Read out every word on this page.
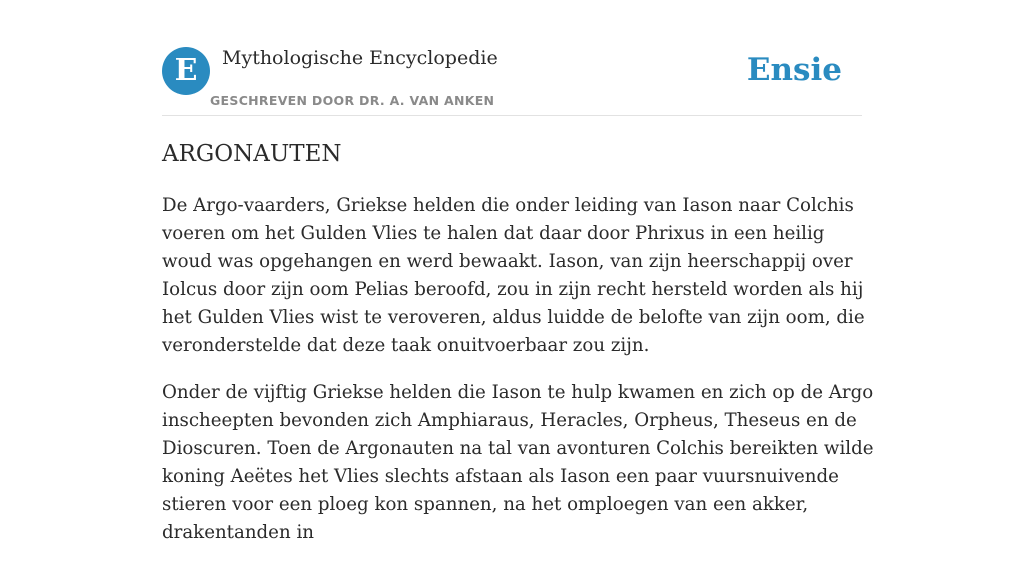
E	Mythologische Encyclopedie
GESCHREVEN DOOR DR. A. VAN ANKEN
Ensie
ARGONAUTEN

De Argo-vaarders, Griekse helden die onder leiding van Iason naar Colchis voeren om het Gulden Vlies te halen dat daar door Phrixus in een heilig woud was opgehangen en werd bewaakt. Iason, van zijn heerschappij over Iolcus door zijn oom Pelias beroofd, zou in zijn recht hersteld worden als hij het Gulden Vlies wist te veroveren, aldus luidde de belofte van zijn oom, die veronderstelde dat deze taak onuitvoerbaar zou zijn.

Onder de vijftig Griekse helden die Iason te hulp kwamen en zich op de Argo inscheepten bevonden zich Amphiaraus, Heracles, Orpheus, Theseus en de Dioscuren. Toen de Argonauten na tal van avonturen Colchis bereikten wilde koning Aeëtes het Vlies slechts afstaan als Iason een paar vuursnuivende stieren voor een ploeg kon spannen, na het omploegen van een akker, drakentanden in
